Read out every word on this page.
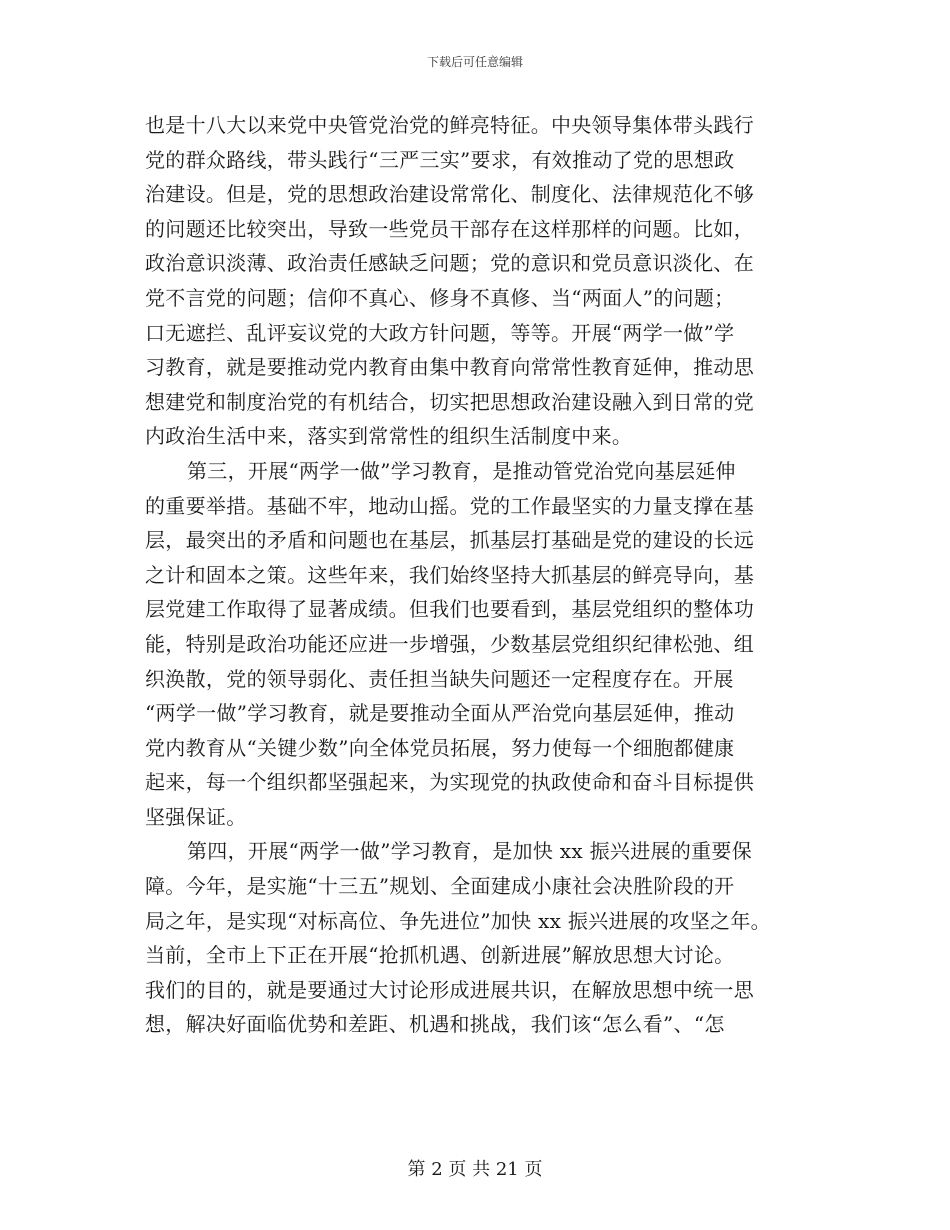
下载后可任意编辑
也是十八大以来党中央管党治党的鲜亮特征。中央领导集体带头践行
党的群众路线，带头践行“三严三实”要求，有效推动了党的思想政
治建设。但是，党的思想政治建设常常化、制度化、法律规范化不够
的问题还比较突出，导致一些党员干部存在这样那样的问题。比如，
政治意识淡薄、政治责任感缺乏问题；党的意识和党员意识淡化、在
党不言党的问题；信仰不真心、修身不真修、当“两面人”的问题；
口无遮拦、乱评妄议党的大政方针问题，等等。开展“两学一做”学
习教育，就是要推动党内教育由集中教育向常常性教育延伸，推动思
想建党和制度治党的有机结合，切实把思想政治建设融入到日常的党
内政治生活中来，落实到常常性的组织生活制度中来。
第三，开展“两学一做”学习教育，是推动管党治党向基层延伸
的重要举措。基础不牢，地动山摇。党的工作最坚实的力量支撑在基
层，最突出的矛盾和问题也在基层，抓基层打基础是党的建设的长远
之计和固本之策。这些年来，我们始终坚持大抓基层的鲜亮导向，基
层党建工作取得了显著成绩。但我们也要看到，基层党组织的整体功
能，特别是政治功能还应进一步增强，少数基层党组织纪律松弛、组
织涣散，党的领导弱化、责任担当缺失问题还一定程度存在。开展
“两学一做”学习教育，就是要推动全面从严治党向基层延伸，推动
党内教育从“关键少数”向全体党员拓展，努力使每一个细胞都健康
起来，每一个组织都坚强起来，为实现党的执政使命和奋斗目标提供
坚强保证。
第四，开展“两学一做”学习教育，是加快 xx 振兴进展的重要保
障。今年，是实施“十三五”规划、全面建成小康社会决胜阶段的开
局之年，是实现“对标高位、争先进位”加快 xx 振兴进展的攻坚之年。
当前，全市上下正在开展“抢抓机遇、创新进展”解放思想大讨论。
我们的目的，就是要通过大讨论形成进展共识，在解放思想中统一思
想，解决好面临优势和差距、机遇和挑战，我们该“怎么看”、“怎
第 2 页 共 21 页
